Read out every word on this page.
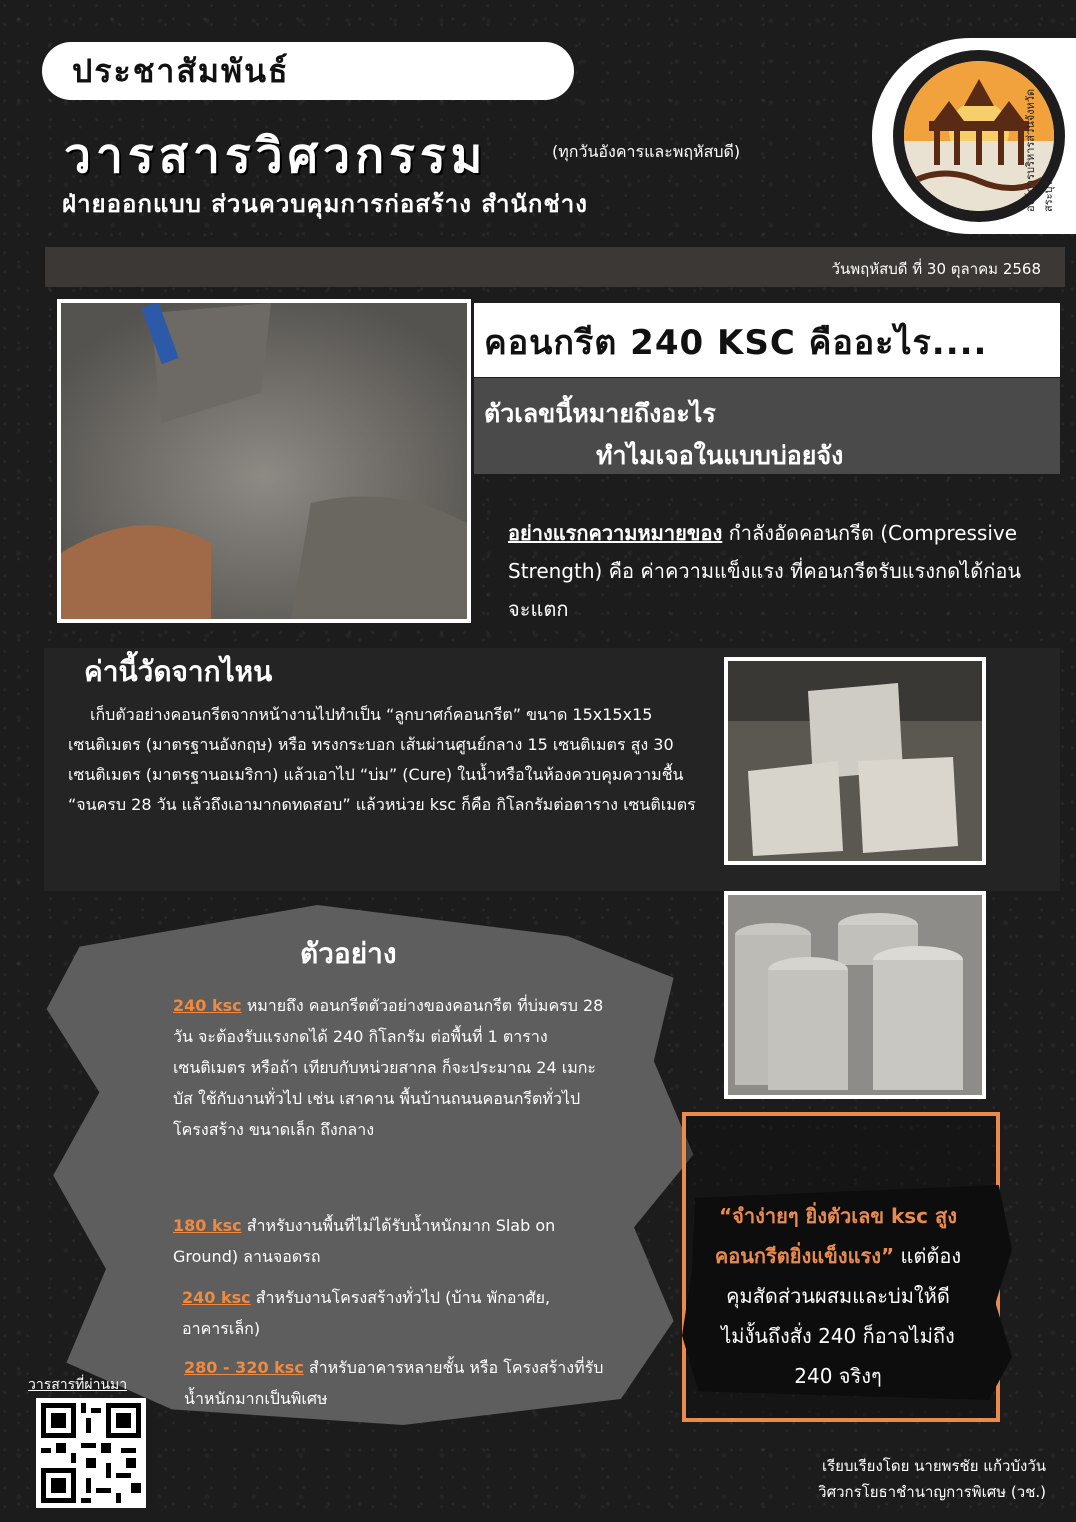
ประชาสัมพันธ์
วารสารวิศวกรรม	(ทุกวันอังคารและพฤหัสบดี)
ฝ่ายออกแบบ ส่วนควบคุมการก่อสร้าง สำนักช่าง	องค์การบริหารส่วนจังหวัดสระบุรี
วันพฤหัสบดี ที่ 30 ตุลาคม 2568
คอนกรีต 240 KSC คืออะไร....
ตัวเลขนี้หมายถึงอะไร
ทำไมเจอในแบบบ่อยจัง
อย่างแรกความหมายของ กำลังอัดคอนกรีต (Compressive Strength) คือ ค่าความแข็งแรง ที่คอนกรีตรับแรงกดได้ก่อนจะแตก
ค่านี้วัดจากไหน
เก็บตัวอย่างคอนกรีตจากหน้างานไปทำเป็น “ลูกบาศก์คอนกรีต” ขนาด 15x15x15 เซนติเมตร (มาตรฐานอังกฤษ) หรือ ทรงกระบอก เส้นผ่านศูนย์กลาง 15 เซนติเมตร สูง 30 เซนติเมตร (มาตรฐานอเมริกา) แล้วเอาไป “บ่ม” (Cure) ในน้ำหรือในห้องควบคุมความชื้น “จนครบ 28 วัน แล้วถึงเอามากดทดสอบ” แล้วหน่วย ksc ก็คือ กิโลกรัมต่อตาราง เซนติเมตร
ตัวอย่าง
240 ksc หมายถึง คอนกรีตตัวอย่างของคอนกรีต ที่บ่มครบ 28 วัน จะต้องรับแรงกดได้ 240 กิโลกรัม ต่อพื้นที่ 1 ตารางเซนติเมตร หรือถ้า เทียบกับหน่วยสากล ก็จะประมาณ 24 เมกะบัส ใช้กับงานทั่วไป เช่น เสาคาน พื้นบ้านถนนคอนกรีตทั่วไป โครงสร้าง ขนาดเล็ก ถึงกลาง
180 ksc สำหรับงานพื้นที่ไม่ได้รับน้ำหนักมาก Slab on Ground) ลานจอดรถ
240 ksc สำหรับงานโครงสร้างทั่วไป (บ้าน พักอาศัย, อาคารเล็ก)
280 - 320 ksc สำหรับอาคารหลายชั้น หรือ โครงสร้างที่รับน้ำหนักมากเป็นพิเศษ
วารสารที่ผ่านมา
“จำง่ายๆ ยิ่งตัวเลข ksc สูง
คอนกรีตยิ่งแข็งแรง” แต่ต้อง
คุมสัดส่วนผสมและบ่มให้ดี
ไม่งั้นถึงสั่ง 240 ก็อาจไม่ถึง
240 จริงๆ
เรียบเรียงโดย นายพรชัย แก้วบังวัน
วิศวกรโยธาชำนาญการพิเศษ (วช.)
